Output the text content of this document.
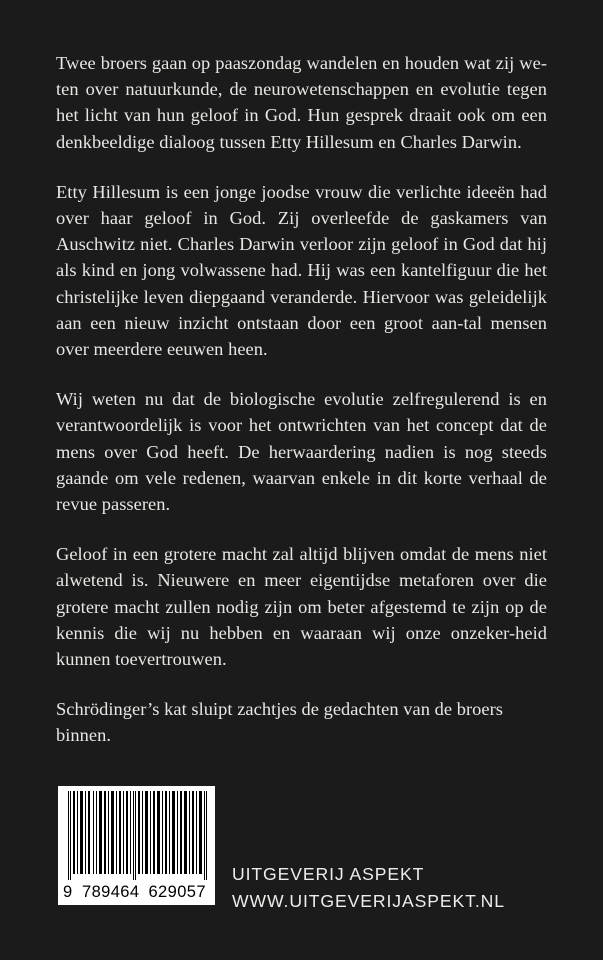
Twee broers gaan op paaszondag wandelen en houden wat zij we-ten over natuurkunde, de neurowetenschappen en evolutie tegen het licht van hun geloof in God. Hun gesprek draait ook om een denkbeeldige dialoog tussen Etty Hillesum en Charles Darwin.

Etty Hillesum is een jonge joodse vrouw die verlichte ideeën had over haar geloof in God. Zij overleefde de gaskamers van Auschwitz niet. Charles Darwin verloor zijn geloof in God dat hij als kind en jong volwassene had. Hij was een kantelfiguur die het christelijke leven diepgaand veranderde. Hiervoor was geleidelijk aan een nieuw inzicht ontstaan door een groot aan-tal mensen over meerdere eeuwen heen.

Wij weten nu dat de biologische evolutie zelfregulerend is en verantwoordelijk is voor het ontwrichten van het concept dat de mens over God heeft. De herwaardering nadien is nog steeds gaande om vele redenen, waarvan enkele in dit korte verhaal de revue passeren.

Geloof in een grotere macht zal altijd blijven omdat de mens niet alwetend is. Nieuwere en meer eigentijdse metaforen over die grotere macht zullen nodig zijn om beter afgestemd te zijn op de kennis die wij nu hebben en waaraan wij onze onzeker-heid kunnen toevertrouwen.

Schrödinger’s kat sluipt zachtjes de gedachten van de broers binnen.

9 789464 629057
UITGEVERIJ ASPEKT
WWW.UITGEVERIJASPEKT.NL
